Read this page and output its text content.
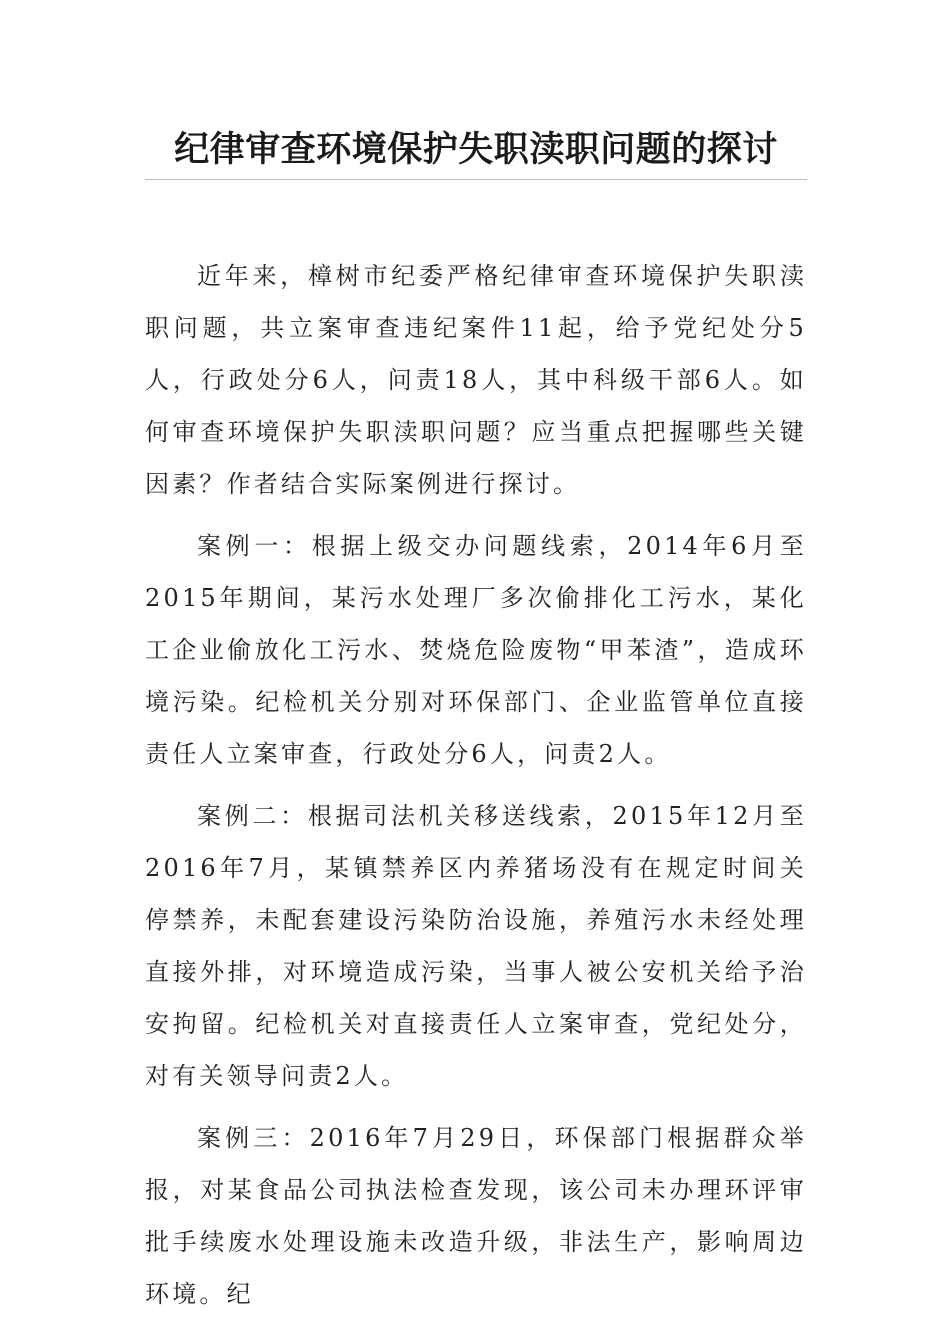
纪律审查环境保护失职渎职问题的探讨

近年来，樟树市纪委严格纪律审查环境保护失职渎职问题，共立案审查违纪案件11起，给予党纪处分5人，行政处分6人，问责18人，其中科级干部6人。如何审查环境保护失职渎职问题？应当重点把握哪些关键因素？作者结合实际案例进行探讨。

案例一：根据上级交办问题线索，2014年6月至2015年期间，某污水处理厂多次偷排化工污水，某化工企业偷放化工污水、焚烧危险废物“甲苯渣”，造成环境污染。纪检机关分别对环保部门、企业监管单位直接责任人立案审查，行政处分6人，问责2人。

案例二：根据司法机关移送线索，2015年12月至2016年7月，某镇禁养区内养猪场没有在规定时间关停禁养，未配套建设污染防治设施，养殖污水未经处理直接外排，对环境造成污染，当事人被公安机关给予治安拘留。纪检机关对直接责任人立案审查，党纪处分，对有关领导问责2人。

案例三：2016年7月29日，环保部门根据群众举报，对某食品公司执法检查发现，该公司未办理环评审批手续废水处理设施未改造升级，非法生产，影响周边环境。纪
